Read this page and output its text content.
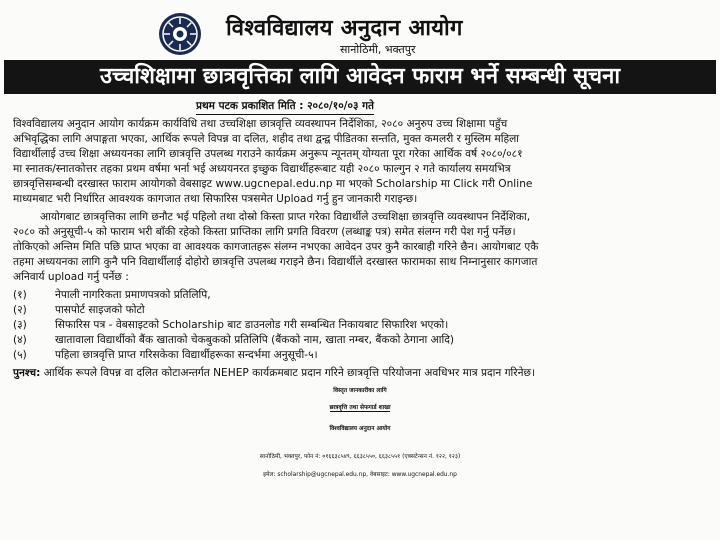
विश्वविद्यालय अनुदान आयोग
सानोठिमी, भक्तपुर
उच्चशिक्षामा छात्रवृत्तिका लागि आवेदन फाराम भर्ने सम्बन्धी सूचना
प्रथम पटक प्रकाशित मिति : २०८०/१०/०३ गते
विश्वविद्यालय अनुदान आयोग कार्यक्रम कार्यविधि तथा उच्चशिक्षा छात्रवृत्ति व्यवस्थापन निर्देशिका, २०८० अनुरुप उच्च शिक्षामा पहुँच
अभिवृद्धिका लागि अपाङ्गता भएका, आर्थिक रूपले विपन्न वा दलित, शहीद तथा द्वन्द्व पीडितका सन्तति, मुक्त कमलरी र मुस्लिम महिला
विद्यार्थीलाई उच्च शिक्षा अध्ययनका लागि छात्रवृत्ति उपलब्ध गराउने कार्यक्रम अनुरूप न्यूनतम् योग्यता पूरा गरेका आर्थिक वर्ष २०८०/०८१
मा स्नातक/स्नातकोत्तर तहका प्रथम वर्षमा भर्ना भई अध्ययनरत इच्छुक विद्यार्थीहरूबाट यही २०८० फाल्गुन २ गते कार्यालय समयभित्र
छात्रवृत्तिसम्बन्धी दरखास्त फाराम आयोगको वेबसाइट www.ugcnepal.edu.np मा भएको Scholarship मा Click गरी Online
माध्यमबाट भरी निर्धारित आवश्यक कागजात तथा सिफारिस पत्रसमेत Upload गर्नु हुन जानकारी गराइन्छ।
आयोगबाट छात्रवृत्तिका लागि छनौट भई पहिलो तथा दोस्रो किस्ता प्राप्त गरेका विद्यार्थीले उच्चशिक्षा छात्रवृत्ति व्यवस्थापन निर्देशिका,
२०८० को अनुसूची-५ को फाराम भरी बाँकी रहेको किस्ता प्राप्तिका लागि प्रगति विवरण (लब्धाङ्क पत्र) समेत संलग्न गरी पेश गर्नु पर्नेछ।
तोकिएको अन्तिम मिति पछि प्राप्त भएका वा आवश्यक कागजातहरू संलग्न नभएका आवेदन उपर कुनै कारबाही गरिने छैन। आयोगबाट एकै
तहमा अध्ययनका लागि कुनै पनि विद्यार्थीलाई दोहोरो छात्रवृत्ति उपलब्ध गराइने छैन। विद्यार्थीले दरखास्त फारामका साथ निम्नानुसार कागजात
अनिवार्य upload गर्नु पर्नेछ :
(१)	नेपाली नागरिकता प्रमाणपत्रको प्रतिलिपि,
(२)	पासपोर्ट साइजको फोटो
(३)	सिफारिस पत्र - वेबसाइटको Scholarship बाट डाउनलोड गरी सम्बन्धित निकायबाट सिफारिश भएको।
(४)	खातावाला विद्यार्थीको बैंक खाताको चेकबुकको प्रतिलिपि (बैंकको नाम, खाता नम्बर, बैंकको ठेगाना आदि)
(५)	पहिला छात्रवृत्ति प्राप्त गरिसकेका विद्यार्थीहरूका सन्दर्भमा अनुसूची-५।
पुनश्च: आर्थिक रूपले विपन्न वा दलित कोटाअन्तर्गत NEHEP कार्यक्रमबाट प्रदान गरिने छात्रवृत्ति परियोजना अवधिभर मात्र प्रदान गरिनेछ।
विस्तृत जानकारीका लागि
छात्रवृत्ति तथा सेफगार्ड शाखा
विश्वविद्यालय अनुदान आयोग
सानोठिमी, भक्तपुर, फोन नं: ०१६६३८५४९, ६६३८५५०, ६६३८५५१ (एक्सटेन्सन नं. १२२, १२३)
इमेल: scholarship@ugcnepal.edu.np, वेबसाइट: www.ugcnepal.edu.np
